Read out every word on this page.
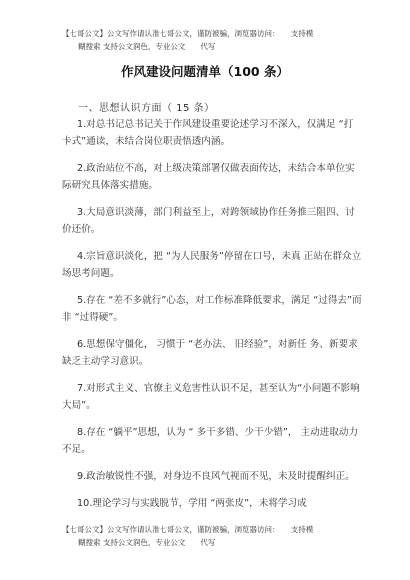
【七哥公文】公文写作请认准七哥公文，谨防被骗，浏览器访问：　　支持模
糊搜索 支持公文润色，专业公文　　代写
作风建设问题清单（100 条）
一、思想认识方面（ 15 条）
1.对总书记总书记关于作风建设重要论述学习不深入，仅满足 “打卡式”通读，未结合岗位职责悟透内涵。
2.政治站位不高，对上级决策部署仅做表面传达，未结合本单位实际研究具体落实措施。
3.大局意识淡薄，部门利益至上，对跨领域协作任务推三阻四、讨价还价。
4.宗旨意识淡化，把 “为人民服务”停留在口号，未真 正站在群众立场思考问题。
5.存在 “差不多就行”心态，对工作标准降低要求，满足 “过得去”而非 “过得硬”。
6.思想保守僵化， 习惯于 “老办法、 旧经验”，对新任 务、新要求缺乏主动学习意识。
7.对形式主义、官僚主义危害性认识不足，甚至认为“小问题不影响大局”。
8.存在 “躺平”思想，认为 “ 多干多错、少干少错”， 主动进取动力不足。
9.政治敏锐性不强，对身边不良风气视而不见，未及时提醒纠正。
10.理论学习与实践脱节，学用 “两张皮”，未将学习成
【七哥公文】公文写作请认准七哥公文，谨防被骗，浏览器访问：　　支持模
糊搜索 支持公文润色，专业公文　　代写
